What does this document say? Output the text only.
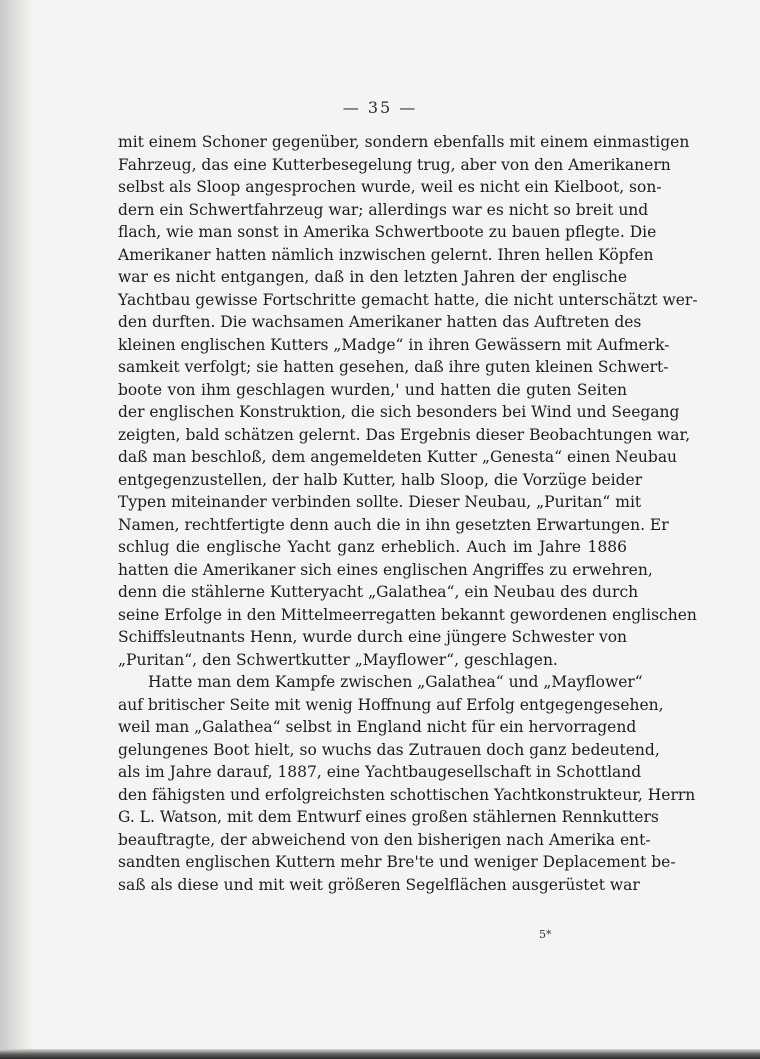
— 35 —
mit einem Schoner gegenüber, sondern ebenfalls mit einem einmastigen
Fahrzeug, das eine Kutterbesegelung trug, aber von den Amerikanern
selbst als Sloop angesprochen wurde, weil es nicht ein Kielboot, son-
dern ein Schwertfahrzeug war; allerdings war es nicht so breit und
flach, wie man sonst in Amerika Schwertboote zu bauen pflegte. Die
Amerikaner hatten nämlich inzwischen gelernt. Ihren hellen Köpfen
war es nicht entgangen, daß in den letzten Jahren der englische
Yachtbau gewisse Fortschritte gemacht hatte, die nicht unterschätzt wer-
den durften. Die wachsamen Amerikaner hatten das Auftreten des
kleinen englischen Kutters „Madge“ in ihren Gewässern mit Aufmerk-
samkeit verfolgt; sie hatten gesehen, daß ihre guten kleinen Schwert-
boote von ihm geschlagen wurden,' und hatten die guten Seiten
der englischen Konstruktion, die sich besonders bei Wind und Seegang
zeigten, bald schätzen gelernt. Das Ergebnis dieser Beobachtungen war,
daß man beschloß, dem angemeldeten Kutter „Genesta“ einen Neubau
entgegenzustellen, der halb Kutter, halb Sloop, die Vorzüge beider
Typen miteinander verbinden sollte. Dieser Neubau, „Puritan“ mit
Namen, rechtfertigte denn auch die in ihn gesetzten Erwartungen. Er
schlug die englische Yacht ganz erheblich. Auch im Jahre 1886
hatten die Amerikaner sich eines englischen Angriffes zu erwehren,
denn die stählerne Kutteryacht „Galathea“, ein Neubau des durch
seine Erfolge in den Mittelmeerregatten bekannt gewordenen englischen
Schiffsleutnants Henn, wurde durch eine jüngere Schwester von
„Puritan“, den Schwertkutter „Mayflower“, geschlagen.
Hatte man dem Kampfe zwischen „Galathea“ und „Mayflower“
auf britischer Seite mit wenig Hoffnung auf Erfolg entgegengesehen,
weil man „Galathea“ selbst in England nicht für ein hervorragend
gelungenes Boot hielt, so wuchs das Zutrauen doch ganz bedeutend,
als im Jahre darauf, 1887, eine Yachtbaugesellschaft in Schottland
den fähigsten und erfolgreichsten schottischen Yachtkonstrukteur, Herrn
G. L. Watson, mit dem Entwurf eines großen stählernen Rennkutters
beauftragte, der abweichend von den bisherigen nach Amerika ent-
sandten englischen Kuttern mehr Bre'te und weniger Deplacement be-
saß als diese und mit weit größeren Segelflächen ausgerüstet war
5*
